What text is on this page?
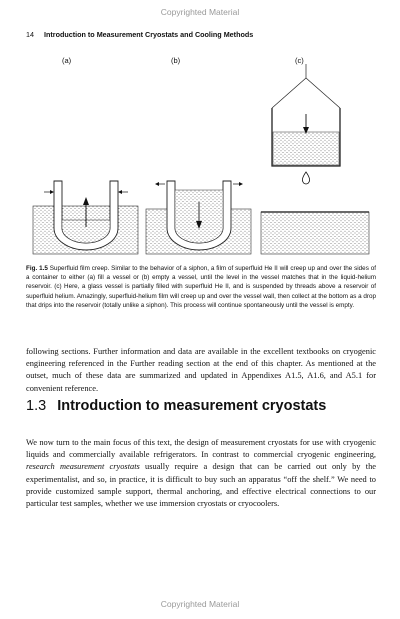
Copyrighted Material
14 Introduction to Measurement Cryostats and Cooling Methods
(a)	(b)	(c)
Fig. 1.5 Superfluid film creep. Similar to the behavior of a siphon, a film of superfluid He II will creep up and over the sides of a container to either (a) fill a vessel or (b) empty a vessel, until the level in the vessel matches that in the liquid-helium reservoir. (c) Here, a glass vessel is partially filled with superfluid He II, and is suspended by threads above a reservoir of superfluid helium. Amazingly, superfluid-helium film will creep up and over the vessel wall, then collect at the bottom as a drop that drips into the reservoir (totally unlike a siphon). This process will continue spontaneously until the vessel is empty.

following sections. Further information and data are available in the excellent textbooks on cryogenic engineering referenced in the Further reading section at the end of this chapter. As mentioned at the outset, much of these data are summarized and updated in Appendixes A1.5, A1.6, and A5.1 for convenient reference.

1.3 Introduction to measurement cryostats

We now turn to the main focus of this text, the design of measurement cryostats for use with cryogenic liquids and commercially available refrigerators. In contrast to commercial cryogenic engineering, research measurement cryostats usually require a design that can be carried out only by the experimentalist, and so, in practice, it is difficult to buy such an apparatus “off the shelf.” We need to provide customized sample support, thermal anchoring, and effective electrical connections to our particular test samples, whether we use immersion cryostats or cryocoolers.

Copyrighted Material
